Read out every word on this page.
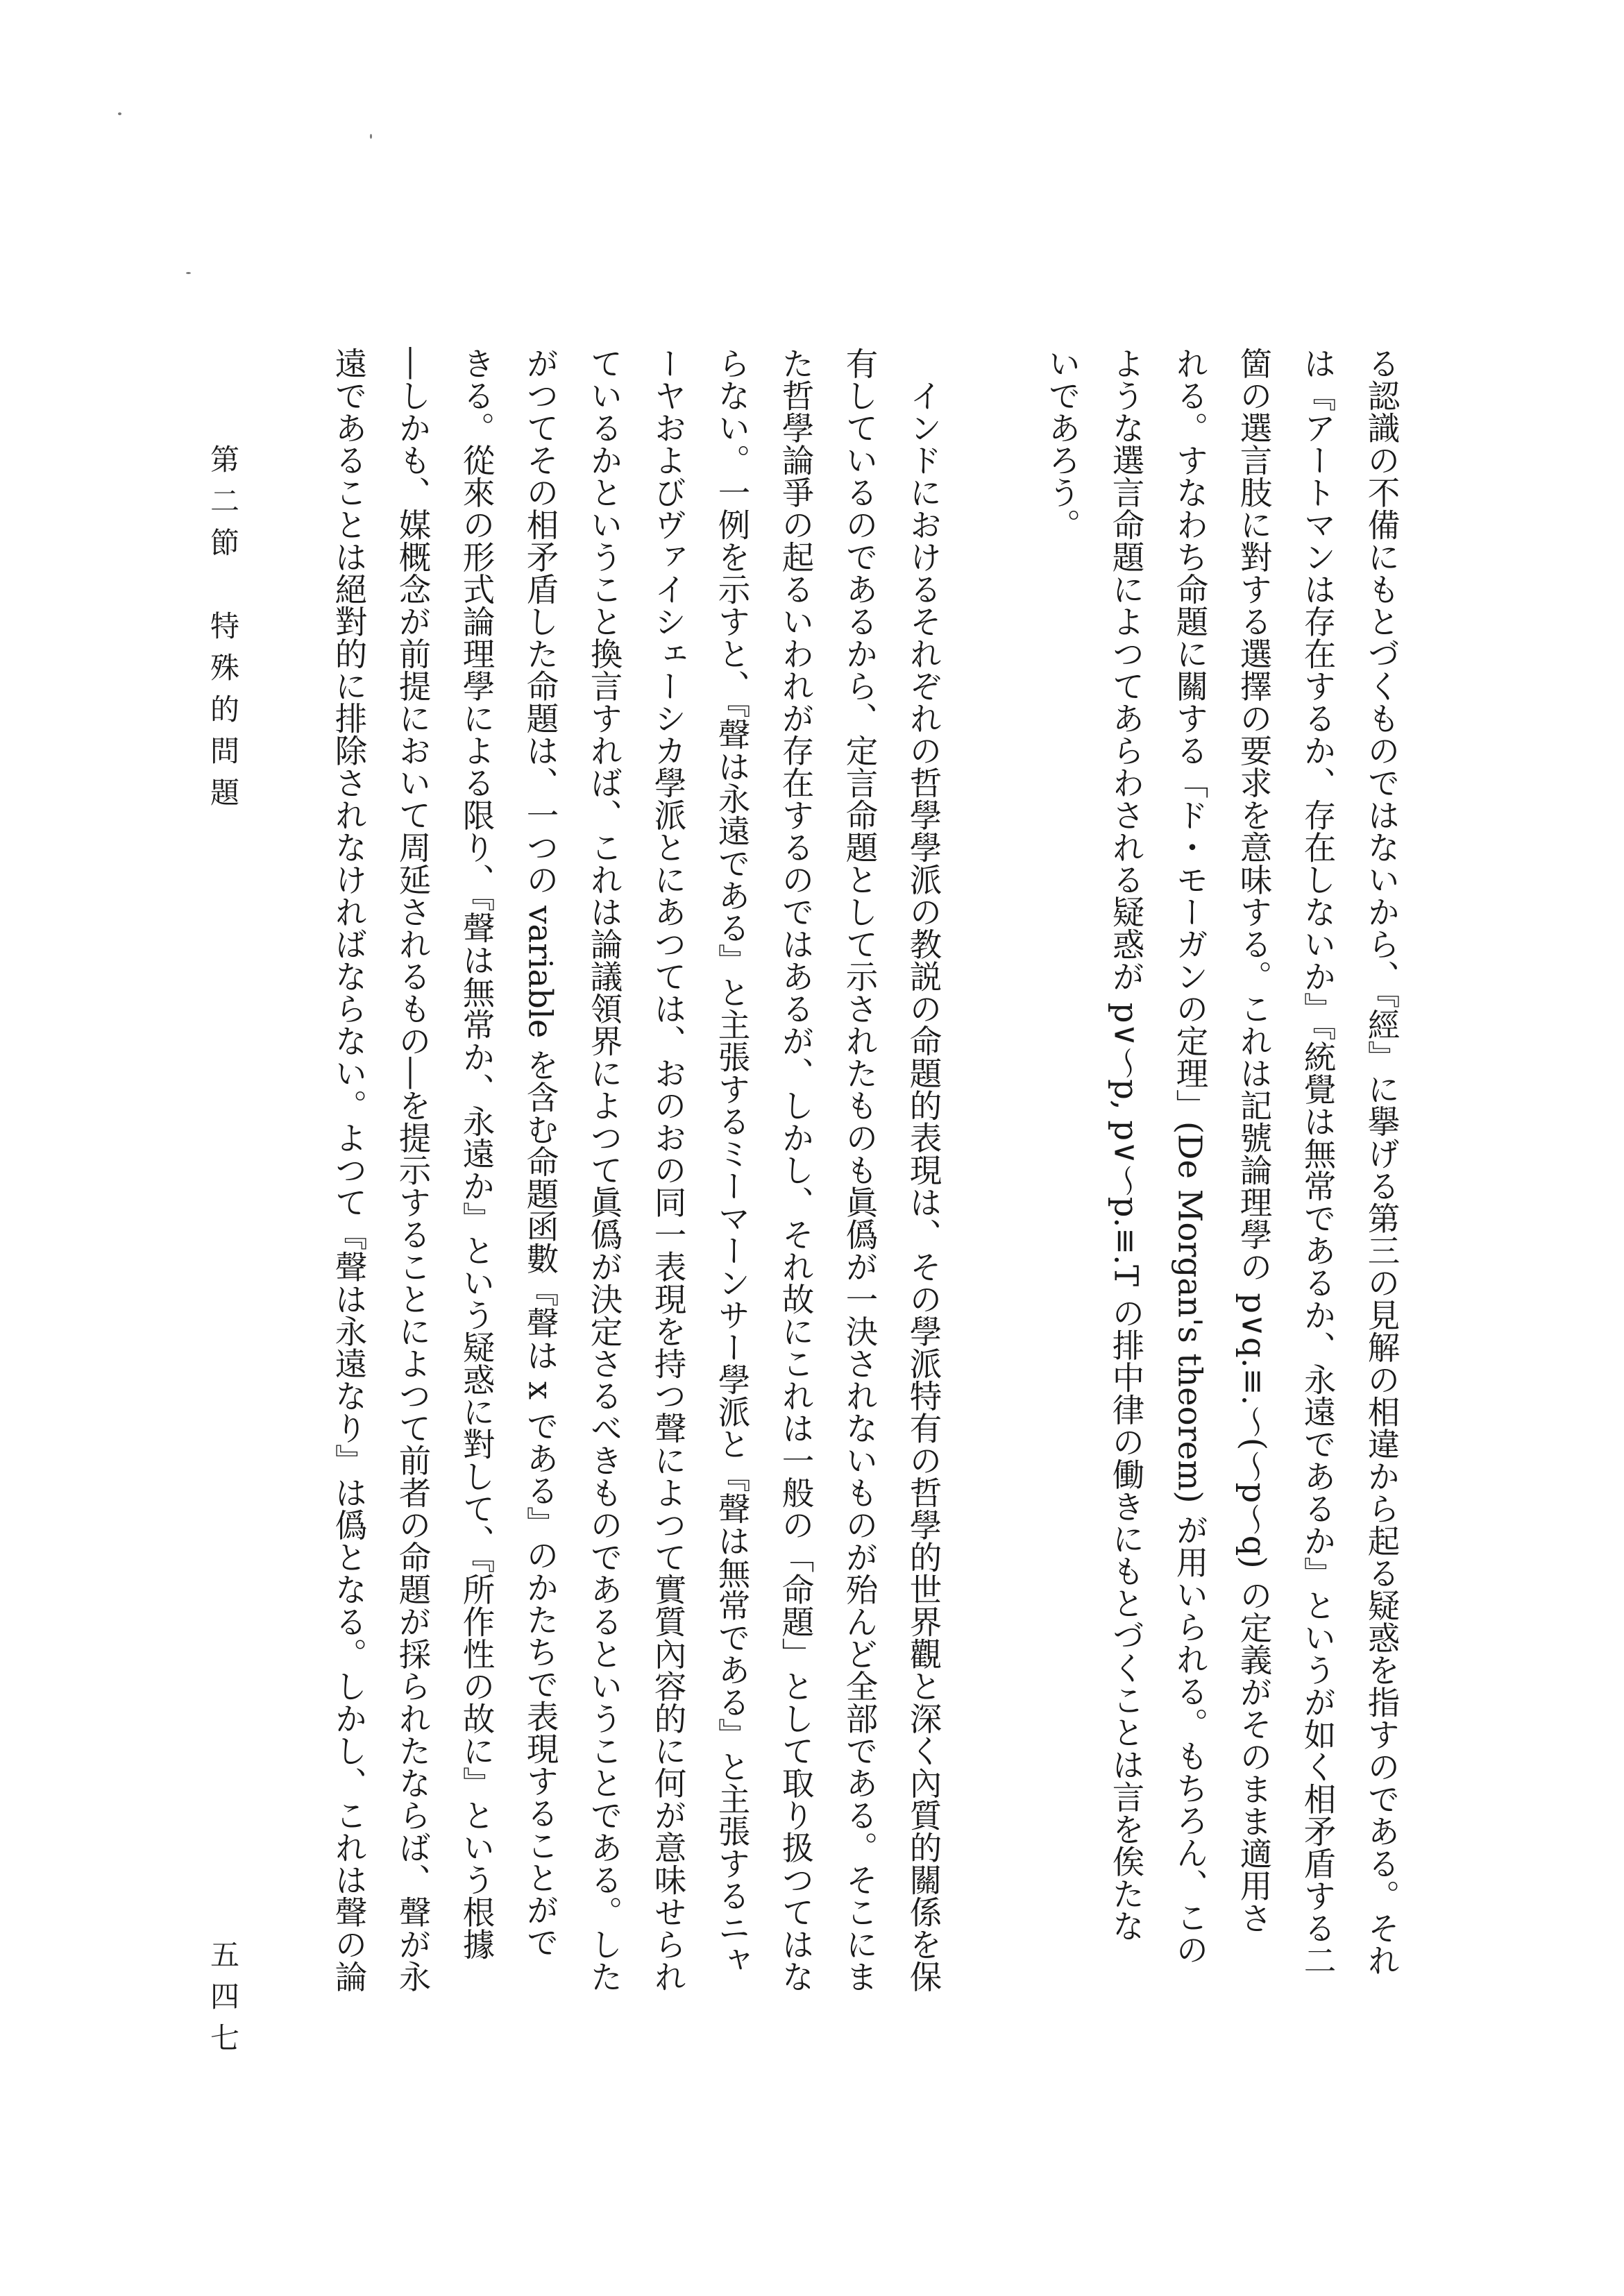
る認識の不備にもとづくものではないから、『經』に擧げる第三の見解の相違から起る疑惑を指すのである。それ
は『アートマンは存在するか、存在しないか』『統覺は無常であるか、永遠であるか』というが如く相矛盾する二
箇の選言肢に對する選擇の要求を意味する。これは記號論理學の p∨q.≡.～(～p～q) の定義がそのまま適用さ
れる。すなわち命題に關する「ド・モーガンの定理」(De Morgan's theorem) が用いられる。もちろん、この
ような選言命題によつてあらわされる疑惑が p∨～p, p∨～p.≡.T の排中律の働きにもとづくことは言を俟たな
いであろう。
　インドにおけるそれぞれの哲學學派の教説の命題的表現は、その學派特有の哲學的世界觀と深く內質的關係を保
有しているのであるから、定言命題として示されたものも眞僞が一決されないものが殆んど全部である。そこにま
た哲學論爭の起るいわれが存在するのではあるが、しかし、それ故にこれは一般の「命題」として取り扱つてはな
らない。一例を示すと、『聲は永遠である』と主張するミーマーンサー學派と『聲は無常である』と主張するニャ
ーヤおよびヴァイシェーシカ學派とにあつては、おのおの同一表現を持つ聲によつて實質內容的に何が意味せられ
ているかということ換言すれば、これは論議領界によつて眞僞が決定さるべきものであるということである。した
がつてその相矛盾した命題は、一つの variable を含む命題函數『聲は x である』のかたちで表現することがで
きる。從來の形式論理學による限り、『聲は無常か、永遠か』という疑惑に對して、『所作性の故に』という根據
―しかも、媒概念が前提において周延されるもの―を提示することによつて前者の命題が採られたならば、聲が永
遠であることは絕對的に排除されなければならない。よつて『聲は永遠なり』は僞となる。しかし、これは聲の論
第二節　特殊的問題
五四七
